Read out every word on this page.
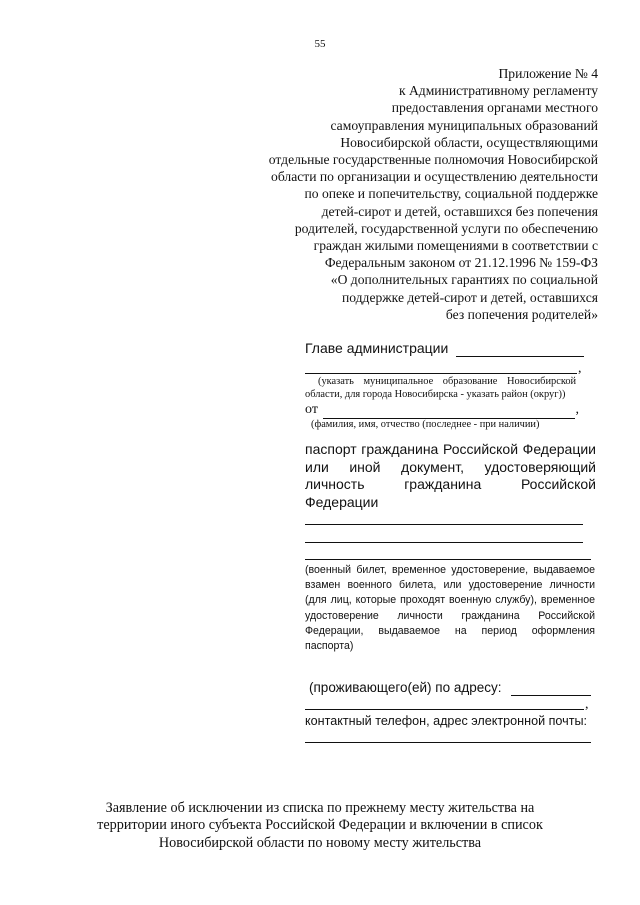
55
Приложение № 4
к Административному регламенту
предоставления органами местного
самоуправления муниципальных образований
Новосибирской области, осуществляющими
отдельные государственные полномочия Новосибирской
области по организации и осуществлению деятельности
по опеке и попечительству, социальной поддержке
детей-сирот и детей, оставшихся без попечения
родителей, государственной услуги по обеспечению
граждан жилыми помещениями в соответствии с
Федеральным законом от 21.12.1996 № 159-ФЗ
«О дополнительных гарантиях по социальной
поддержке детей-сирот и детей, оставшихся
без попечения родителей»
Главе администрации
,
(указать муниципальное образование Новосибирской
области, для города Новосибирска - указать район (округ))
от	,
(фамилия, имя, отчество (последнее - при наличии)
паспорт гражданина Российской Федерации или иной документ, удостоверяющий личность гражданина Российской Федерации
(военный билет, временное удостоверение, выдаваемое взамен военного билета, или удостоверение личности (для лиц, которые проходят военную службу), временное удостоверение личности гражданина Российской Федерации, выдаваемое на период оформления паспорта)
(проживающего(ей) по адресу:
,
контактный телефон, адрес электронной почты:
Заявление об исключении из списка по прежнему месту жительства на
территории иного субъекта Российской Федерации и включении в список
Новосибирской области по новому месту жительства
